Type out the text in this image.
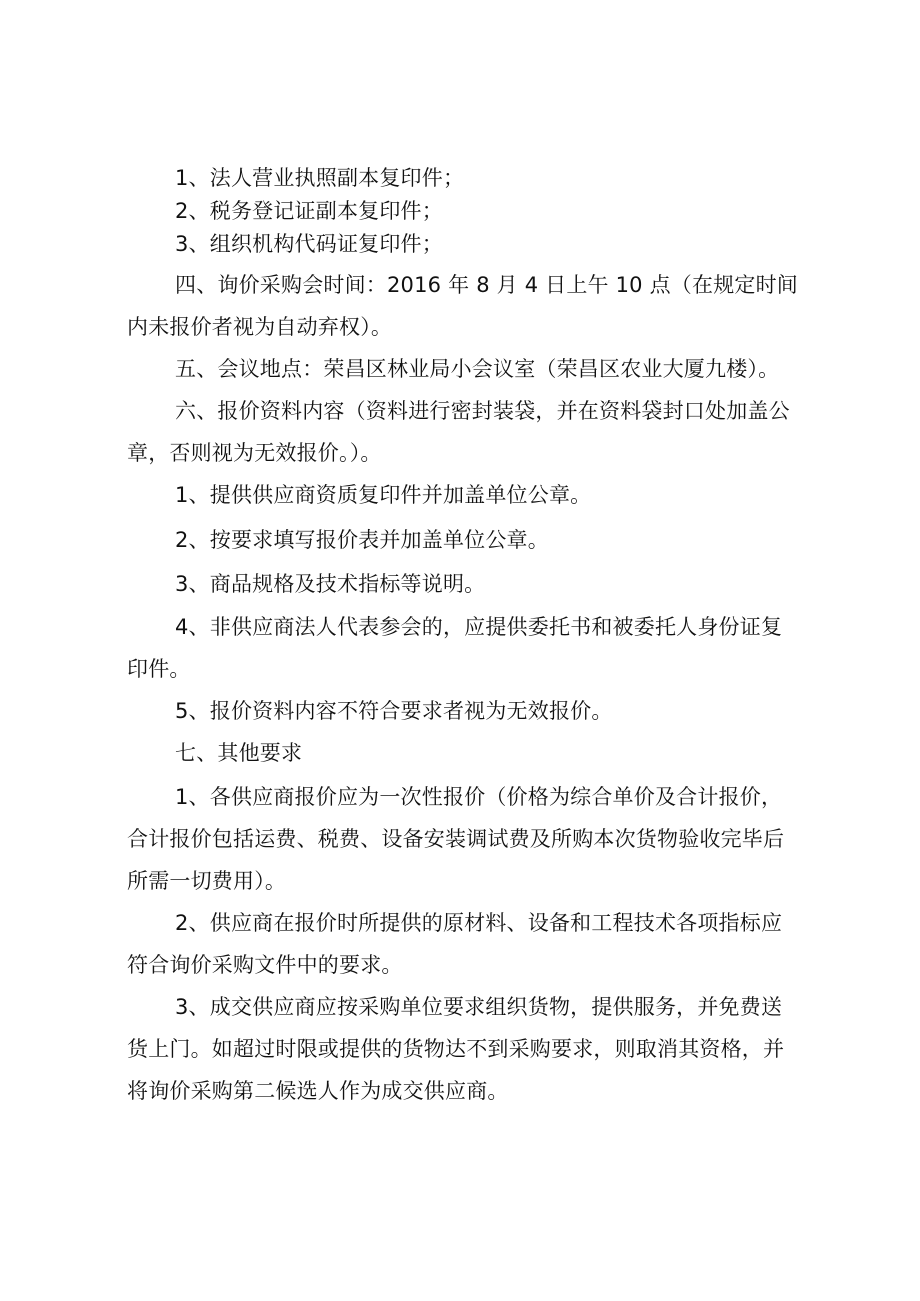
1、法人营业执照副本复印件；
2、税务登记证副本复印件；
3、组织机构代码证复印件；
四、询价采购会时间：2016 年 8 月 4 日上午 10 点（在规定时间
内未报价者视为自动弃权）。
五、会议地点：荣昌区林业局小会议室（荣昌区农业大厦九楼）。
六、报价资料内容（资料进行密封装袋，并在资料袋封口处加盖公
章，否则视为无效报价。）。
1、提供供应商资质复印件并加盖单位公章。
2、按要求填写报价表并加盖单位公章。
3、商品规格及技术指标等说明。
4、非供应商法人代表参会的，应提供委托书和被委托人身份证复
印件。
5、报价资料内容不符合要求者视为无效报价。
七、其他要求
1、各供应商报价应为一次性报价（价格为综合单价及合计报价，
合计报价包括运费、税费、设备安装调试费及所购本次货物验收完毕后
所需一切费用）。
2、供应商在报价时所提供的原材料、设备和工程技术各项指标应
符合询价采购文件中的要求。
3、成交供应商应按采购单位要求组织货物，提供服务，并免费送
货上门。如超过时限或提供的货物达不到采购要求，则取消其资格，并
将询价采购第二候选人作为成交供应商。
